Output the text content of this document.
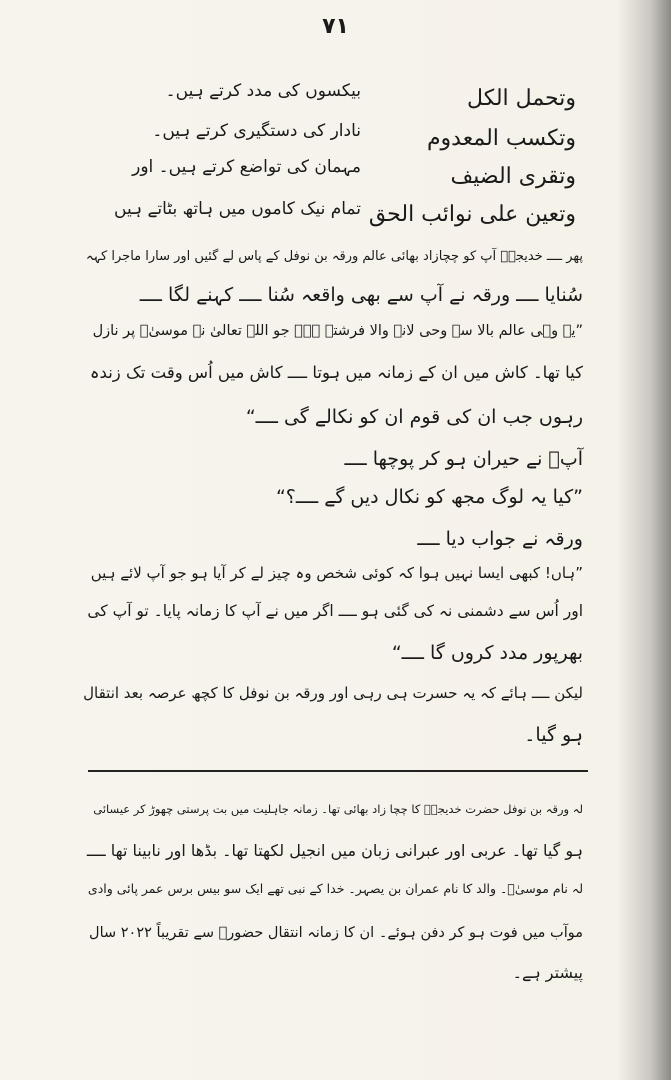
۷۱
وتحمل الكل
بیکسوں کی مدد کرتے ہیں۔
وتکسب المعدوم
نادار کی دستگیری کرتے ہیں۔
وتقری الضیف
مہمان کی تواضع کرتے ہیں۔ اور
وتعین علی نوائب الحق
تمام نیک کاموں میں ہاتھ بٹاتے ہیں
پھر ــــ خدیجہؓ آپ کو چچازاد بھائی عالم ورقہ بن نوفل کے پاس لے گئیں اور سارا ماجرا کہہ
سُنایا ــــ ورقہ نے آپ سے بھی واقعہ سُنا ــــ کہنے لگا ــــ
”یہ وہی عالم بالا سے وحی لانے والا فرشتہ ہے۔ جو اللہ تعالیٰ نے موسیٰؑ پر نازل
کیا تھا۔ کاش میں ان کے زمانہ میں ہوتا ــــ کاش میں اُس وقت تک زندہ
رہوں جب ان کی قوم ان کو نکالے گی ــــ“
آپؐ نے حیران ہو کر پوچھا ــــ
”کیا یہ لوگ مجھ کو نکال دیں گے ــــ؟“
ورقہ نے جواب دیا ــــ
”ہاں! کبھی ایسا نہیں ہوا کہ کوئی شخص وہ چیز لے کر آیا ہو جو آپ لائے ہیں
اور اُس سے دشمنی نہ کی گئی ہو ــــ اگر میں نے آپ کا زمانہ پایا۔ تو آپ کی
بھرپور مدد کروں گا ــــ“
لیکن ــــ ہائے کہ یہ حسرت ہی رہی اور ورقہ بن نوفل کا کچھ عرصہ بعد انتقال
ہو گیا۔
لہ ورقہ بن نوفل حضرت خدیجہؓ کا چچا زاد بھائی تھا۔ زمانہ جاہلیت میں بت پرستی چھوڑ کر عیسائی
ہو گیا تھا۔ عربی اور عبرانی زبان میں انجیل لکھتا تھا۔ بڈھا اور نابینا تھا ــــ
لہ نام موسیٰؑ۔ والد کا نام عمران بن یصہر۔ خدا کے نبی تھے ایک سو بیس برس عمر پائی وادی
موآب میں فوت ہو کر دفن ہوئے۔ ان کا زمانہ انتقال حضورؐ سے تقریباً ۲۰۲۲ سال
پیشتر ہے۔
